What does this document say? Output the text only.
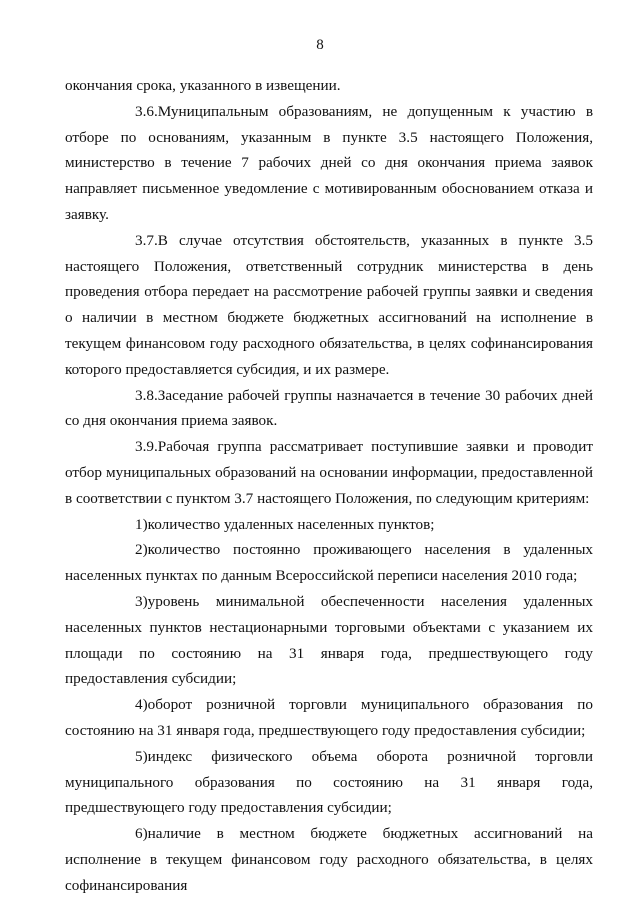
8

окончания срока, указанного в извещении.

3.6.Муниципальным образованиям, не допущенным к участию в отборе по основаниям, указанным в пункте 3.5 настоящего Положения, министерство в течение 7 рабочих дней со дня окончания приема заявок направляет письменное уведомление с мотивированным обоснованием отказа и заявку.

3.7.В случае отсутствия обстоятельств, указанных в пункте 3.5 настоящего Положения, ответственный сотрудник министерства в день проведения отбора передает на рассмотрение рабочей группы заявки и сведения о наличии в местном бюджете бюджетных ассигнований на исполнение в текущем финансовом году расходного обязательства, в целях софинансирования которого предоставляется субсидия, и их размере.

3.8.Заседание рабочей группы назначается в течение 30 рабочих дней со дня окончания приема заявок.

3.9.Рабочая группа рассматривает поступившие заявки и проводит отбор муниципальных образований на основании информации, предоставленной в соответствии с пунктом 3.7 настоящего Положения, по следующим критериям:

1)количество удаленных населенных пунктов;

2)количество постоянно проживающего населения в удаленных населенных пунктах по данным Всероссийской переписи населения 2010 года;

3)уровень минимальной обеспеченности населения удаленных населенных пунктов нестационарными торговыми объектами с указанием их площади по состоянию на 31 января года, предшествующего году предоставления субсидии;

4)оборот розничной торговли муниципального образования по состоянию на 31 января года, предшествующего году предоставления субсидии;

5)индекс физического объема оборота розничной торговли муниципального образования по состоянию на 31 января года, предшествующего году предоставления субсидии;

6)наличие в местном бюджете бюджетных ассигнований на исполнение в текущем финансовом году расходного обязательства, в целях софинансирования
